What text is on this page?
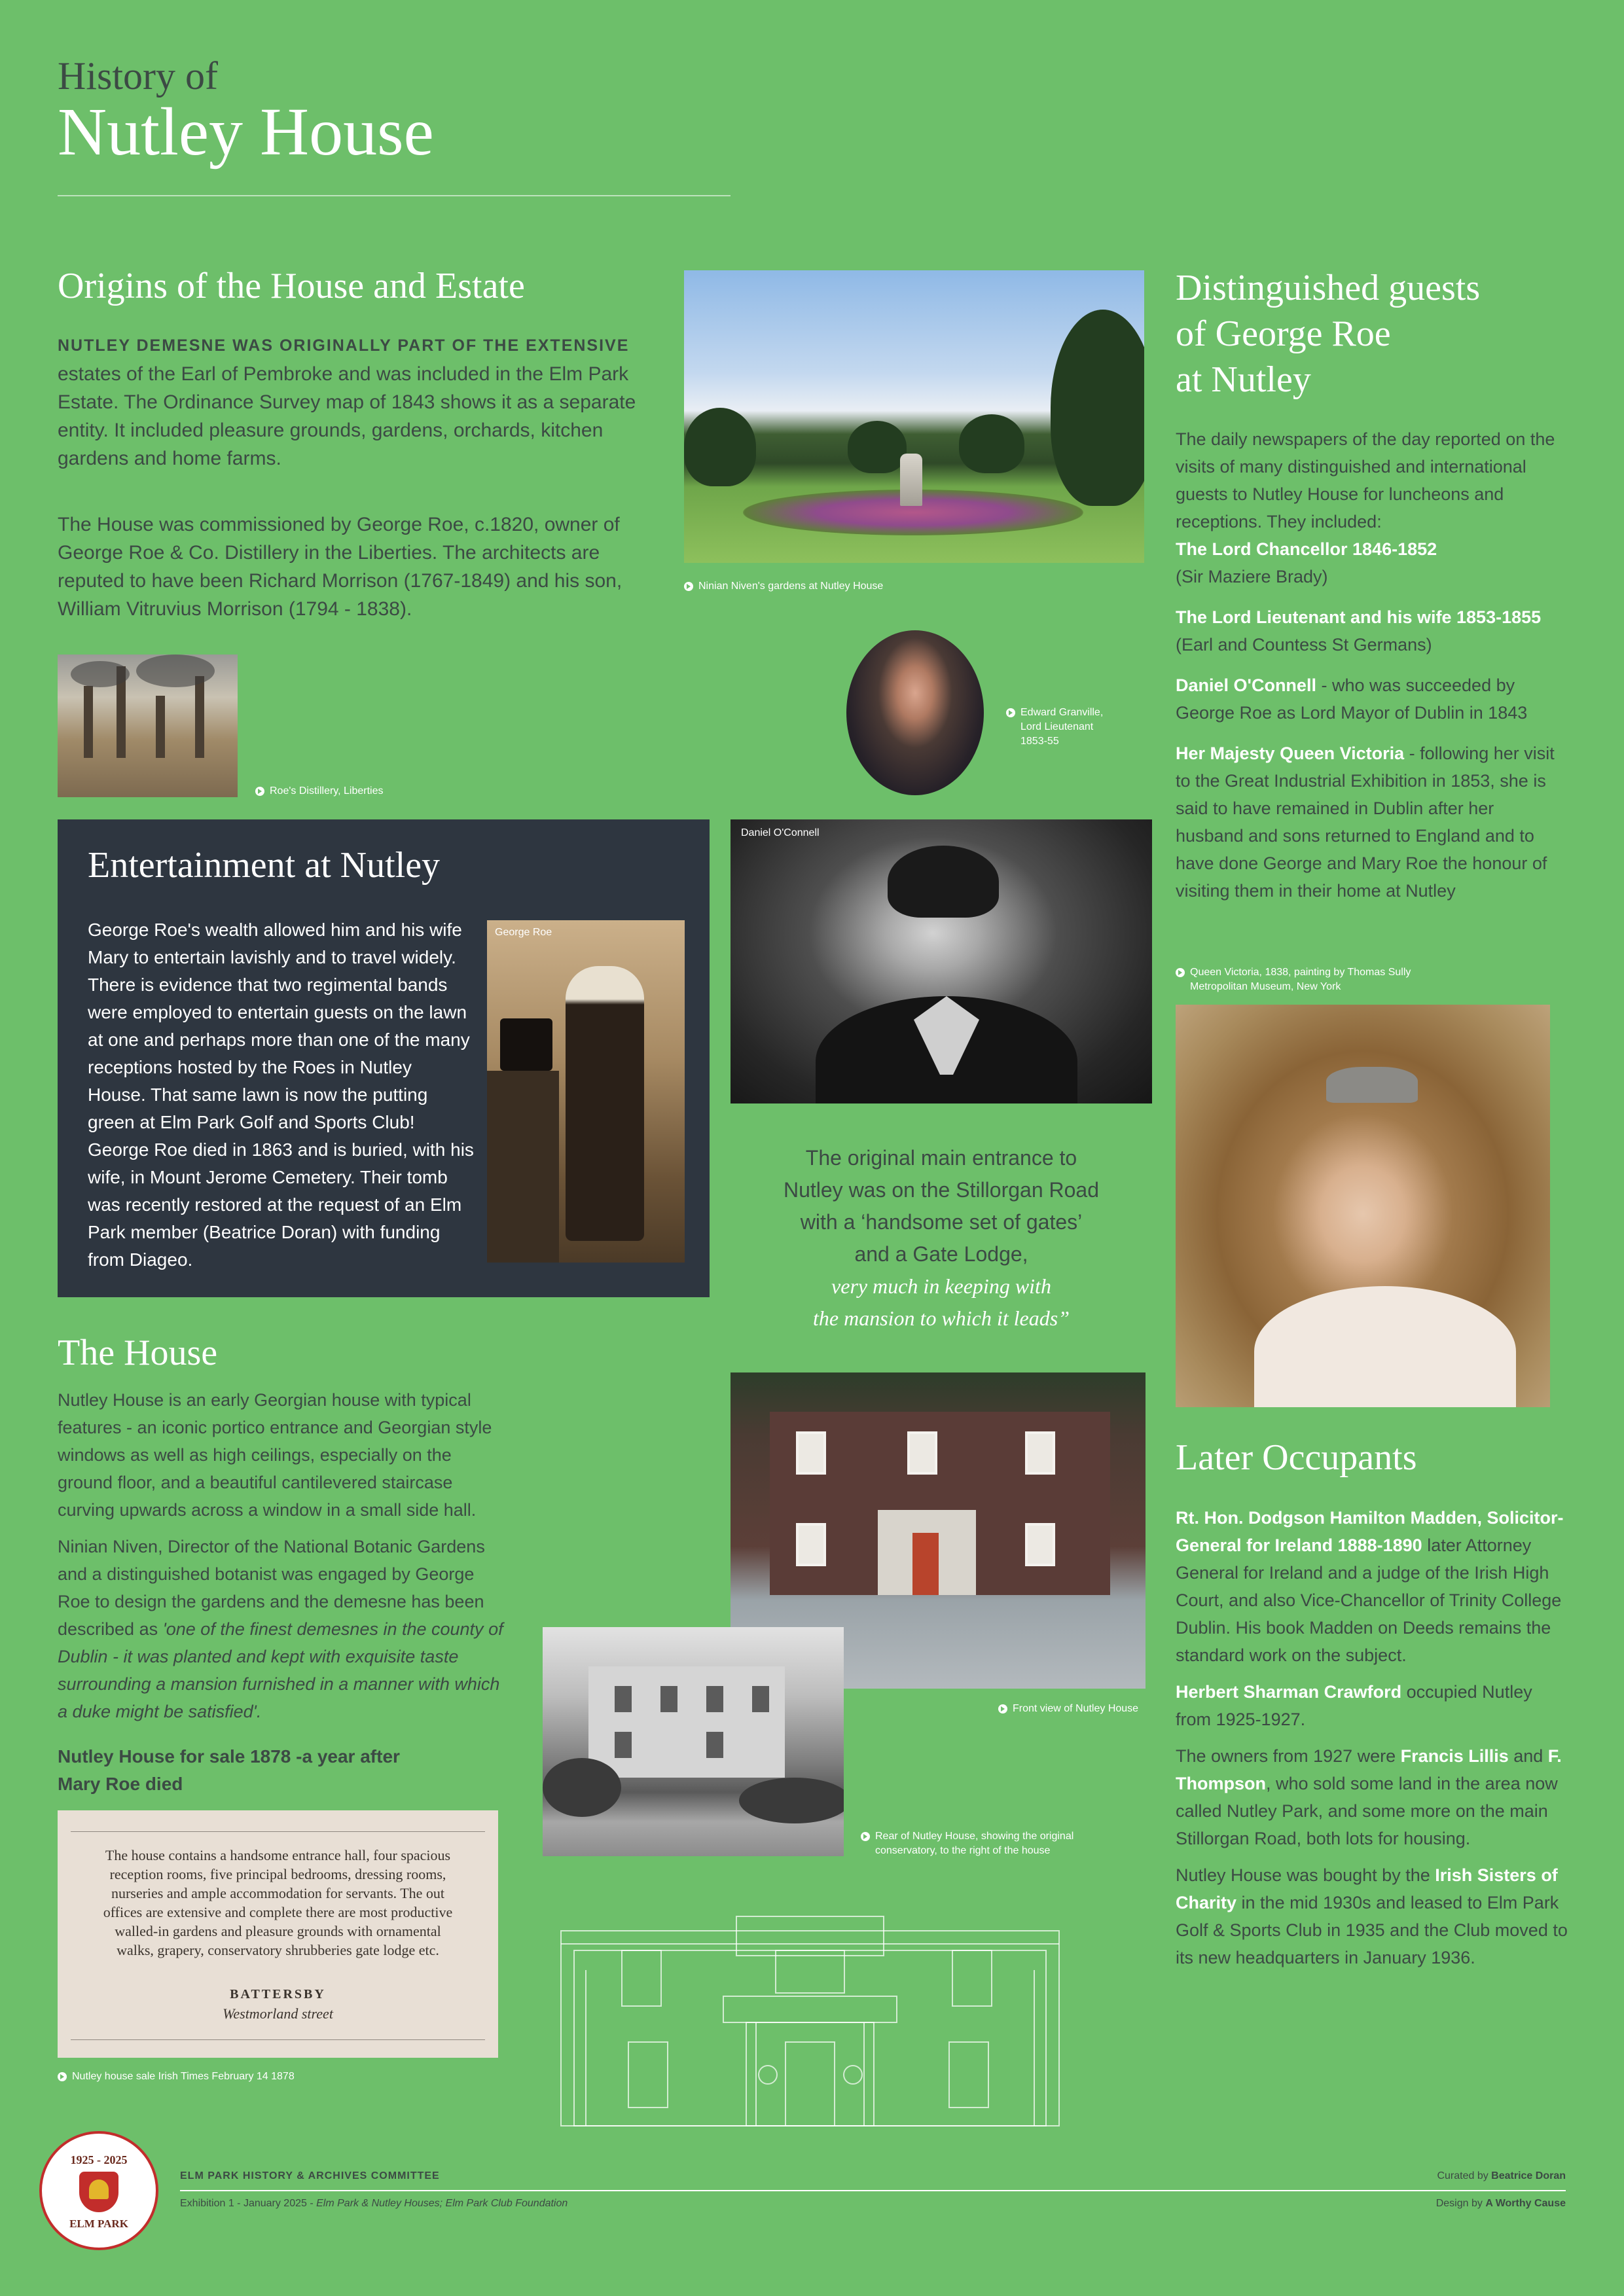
History of
Nutley House
Origins of the House and Estate
NUTLEY DEMESNE WAS ORIGINALLY PART OF THE EXTENSIVE estates of the Earl of Pembroke and was included in the Elm Park Estate. The Ordinance Survey map of 1843 shows it as a separate entity. It included pleasure grounds, gardens, orchards, kitchen gardens and home farms.
The House was commissioned by George Roe, c.1820, owner of George Roe & Co. Distillery in the Liberties. The architects are reputed to have been Richard Morrison (1767-1849) and his son, William Vitruvius Morrison (1794 - 1838).
Roe's Distillery, Liberties
Ninian Niven's gardens at Nutley House
Edward Granville,
Lord Lieutenant
1853-55
Entertainment at Nutley
George Roe's wealth allowed him and his wife Mary to entertain lavishly and to travel widely. There is evidence that two regimental bands were employed to entertain guests on the lawn at one and perhaps more than one of the many receptions hosted by the Roes in Nutley House. That same lawn is now the putting green at Elm Park Golf and Sports Club!
George Roe died in 1863 and is buried, with his wife, in Mount Jerome Cemetery. Their tomb was recently restored at the request of an Elm Park member (Beatrice Doran) with funding from Diageo.
George Roe
Daniel O'Connell
The original main entrance to
Nutley was on the Stillorgan Road
with a ‘handsome set of gates’
and a Gate Lodge,
very much in keeping with
the mansion to which it leads”
Distinguished guests
of George Roe
at Nutley
The daily newspapers of the day reported on the visits of many distinguished and international guests to Nutley House for luncheons and receptions. They included:
The Lord Chancellor 1846-1852
(Sir Maziere Brady)
The Lord Lieutenant and his wife 1853-1855 (Earl and Countess St Germans)
Daniel O'Connell - who was succeeded by George Roe as Lord Mayor of Dublin in 1843
Her Majesty Queen Victoria - following her visit to the Great Industrial Exhibition in 1853, she is said to have remained in Dublin after her husband and sons returned to England and to have done George and Mary Roe the honour of visiting them in their home at Nutley
Queen Victoria, 1838, painting by Thomas Sully
Metropolitan Museum, New York
The House
Nutley House is an early Georgian house with typical features - an iconic portico entrance and Georgian style windows as well as high ceilings, especially on the ground floor, and a beautiful cantilevered staircase curving upwards across a window in a small side hall.
Ninian Niven, Director of the National Botanic Gardens and a distinguished botanist was engaged by George Roe to design the gardens and the demesne has been described as 'one of the finest demesnes in the county of Dublin - it was planted and kept with exquisite taste surrounding a mansion furnished in a manner with which a duke might be satisfied'.
Nutley House for sale 1878 -a year after
Mary Roe died
The house contains a handsome entrance hall, four spacious reception rooms, five principal bedrooms, dressing rooms, nurseries and ample accommodation for servants. The out offices are extensive and complete there are most productive walled-in gardens and pleasure grounds with ornamental walks, grapery, conservatory shrubberies gate lodge etc.
BATTERSBY
Westmorland street
Nutley house sale Irish Times February 14 1878
Front view of Nutley House
Rear of Nutley House, showing the original
conservatory, to the right of the house
Later Occupants
Rt. Hon. Dodgson Hamilton Madden, Solicitor-General for Ireland 1888-1890 later Attorney General for Ireland and a judge of the Irish High Court, and also Vice-Chancellor of Trinity College Dublin. His book Madden on Deeds remains the standard work on the subject.
Herbert Sharman Crawford occupied Nutley from 1925-1927.
The owners from 1927 were Francis Lillis and F. Thompson, who sold some land in the area now called Nutley Park, and some more on the main Stillorgan Road, both lots for housing.
Nutley House was bought by the Irish Sisters of Charity in the mid 1930s and leased to Elm Park Golf & Sports Club in 1935 and the Club moved to its new headquarters in January 1936.
1925 - 2025
ELM PARK
ELM PARK HISTORY & ARCHIVES COMMITTEE
Exhibition 1 - January 2025 - Elm Park & Nutley Houses; Elm Park Club Foundation
Curated by Beatrice Doran
Design by A Worthy Cause
